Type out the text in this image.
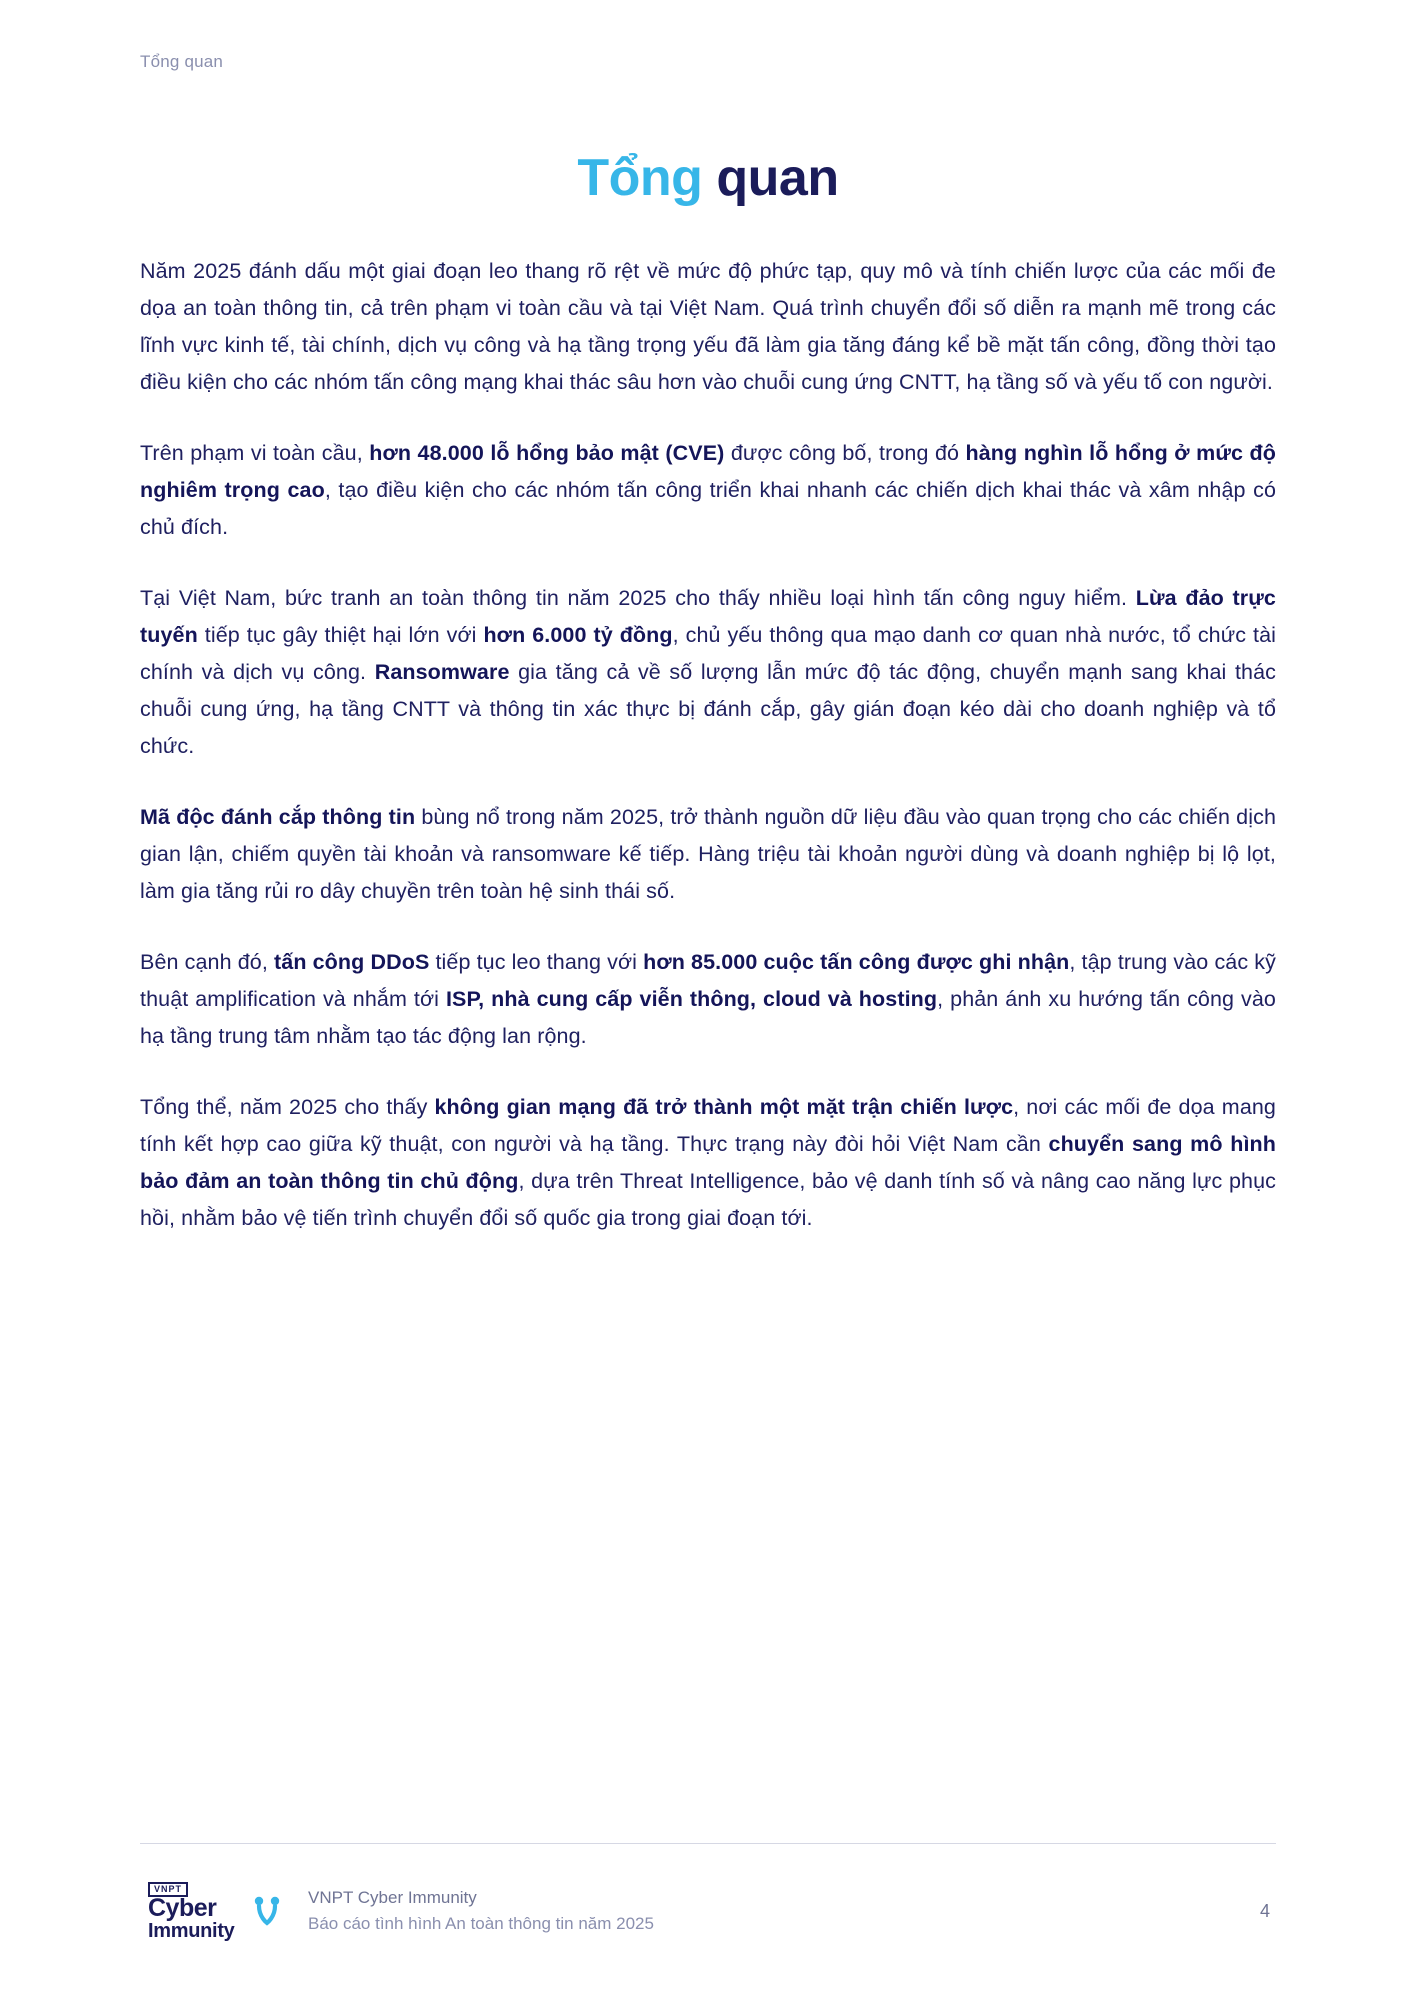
Tổng quan
Tổng quan

Năm 2025 đánh dấu một giai đoạn leo thang rõ rệt về mức độ phức tạp, quy mô và tính chiến lược của các mối đe dọa an toàn thông tin, cả trên phạm vi toàn cầu và tại Việt Nam. Quá trình chuyển đổi số diễn ra mạnh mẽ trong các lĩnh vực kinh tế, tài chính, dịch vụ công và hạ tầng trọng yếu đã làm gia tăng đáng kể bề mặt tấn công, đồng thời tạo điều kiện cho các nhóm tấn công mạng khai thác sâu hơn vào chuỗi cung ứng CNTT, hạ tầng số và yếu tố con người.

Trên phạm vi toàn cầu, hơn 48.000 lỗ hổng bảo mật (CVE) được công bố, trong đó hàng nghìn lỗ hổng ở mức độ nghiêm trọng cao, tạo điều kiện cho các nhóm tấn công triển khai nhanh các chiến dịch khai thác và xâm nhập có chủ đích.

Tại Việt Nam, bức tranh an toàn thông tin năm 2025 cho thấy nhiều loại hình tấn công nguy hiểm. Lừa đảo trực tuyến tiếp tục gây thiệt hại lớn với hơn 6.000 tỷ đồng, chủ yếu thông qua mạo danh cơ quan nhà nước, tổ chức tài chính và dịch vụ công. Ransomware gia tăng cả về số lượng lẫn mức độ tác động, chuyển mạnh sang khai thác chuỗi cung ứng, hạ tầng CNTT và thông tin xác thực bị đánh cắp, gây gián đoạn kéo dài cho doanh nghiệp và tổ chức.

Mã độc đánh cắp thông tin bùng nổ trong năm 2025, trở thành nguồn dữ liệu đầu vào quan trọng cho các chiến dịch gian lận, chiếm quyền tài khoản và ransomware kế tiếp. Hàng triệu tài khoản người dùng và doanh nghiệp bị lộ lọt, làm gia tăng rủi ro dây chuyền trên toàn hệ sinh thái số.

Bên cạnh đó, tấn công DDoS tiếp tục leo thang với hơn 85.000 cuộc tấn công được ghi nhận, tập trung vào các kỹ thuật amplification và nhắm tới ISP, nhà cung cấp viễn thông, cloud và hosting, phản ánh xu hướng tấn công vào hạ tầng trung tâm nhằm tạo tác động lan rộng.

Tổng thể, năm 2025 cho thấy không gian mạng đã trở thành một mặt trận chiến lược, nơi các mối đe dọa mang tính kết hợp cao giữa kỹ thuật, con người và hạ tầng. Thực trạng này đòi hỏi Việt Nam cần chuyển sang mô hình bảo đảm an toàn thông tin chủ động, dựa trên Threat Intelligence, bảo vệ danh tính số và nâng cao năng lực phục hồi, nhằm bảo vệ tiến trình chuyển đổi số quốc gia trong giai đoạn tới.

VNPT
Cyber
Immunity
VNPT Cyber Immunity
Báo cáo tình hình An toàn thông tin năm 2025
4
